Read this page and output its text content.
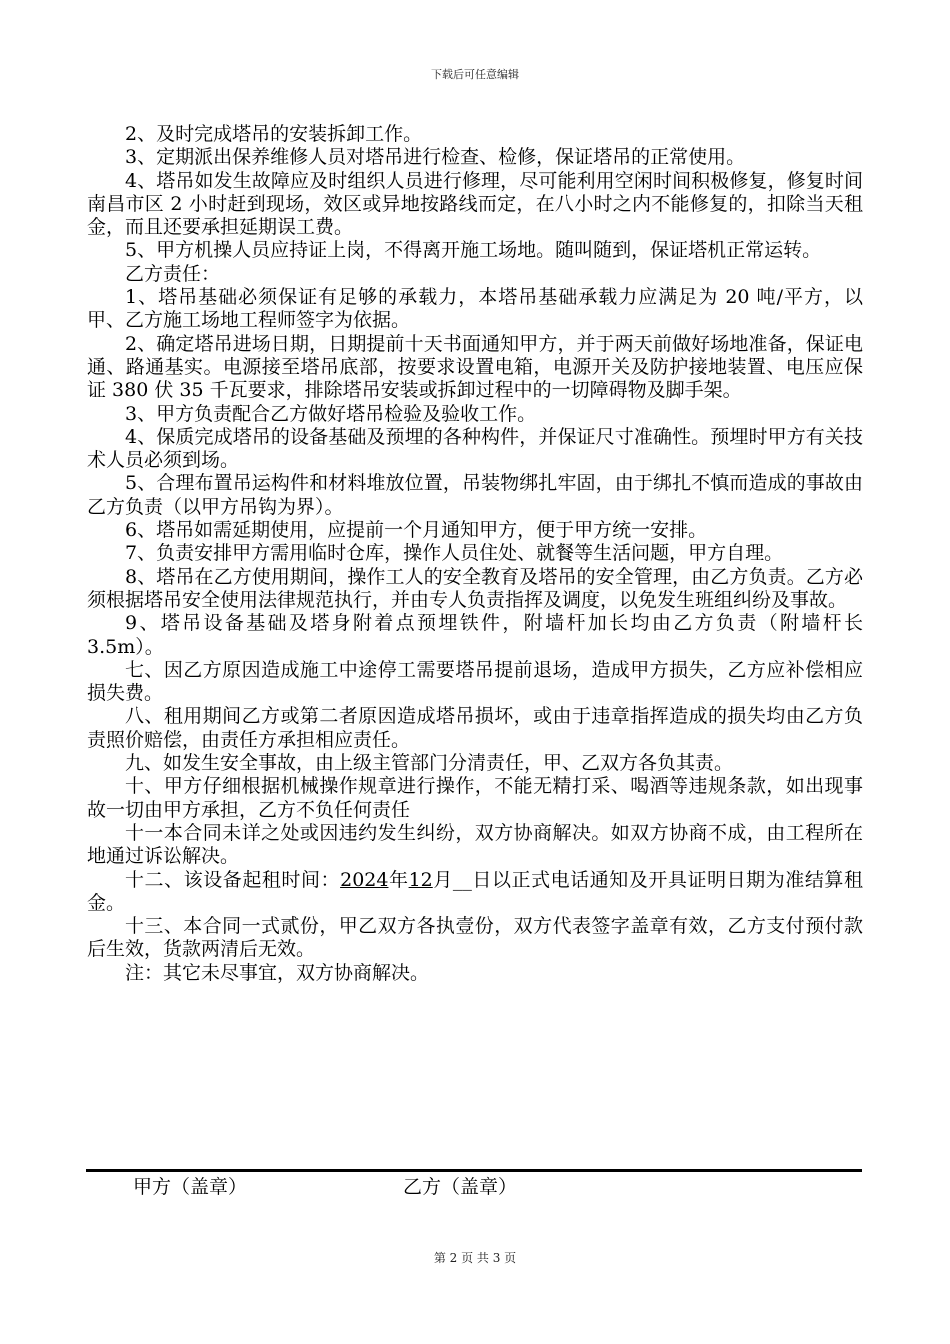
下载后可任意编辑

2、及时完成塔吊的安装拆卸工作。

3、定期派出保养维修人员对塔吊进行检查、检修，保证塔吊的正常使用。

4、塔吊如发生故障应及时组织人员进行修理，尽可能利用空闲时间积极修复，修复时间南昌市区 2 小时赶到现场，效区或异地按路线而定，在八小时之内不能修复的，扣除当天租金，而且还要承担延期误工费。

5、甲方机操人员应持证上岗，不得离开施工场地。随叫随到，保证塔机正常运转。

乙方责任：

1、塔吊基础必须保证有足够的承载力，本塔吊基础承载力应满足为 20 吨/平方，以甲、乙方施工场地工程师签字为依据。

2、确定塔吊进场日期，日期提前十天书面通知甲方，并于两天前做好场地准备，保证电通、路通基实。电源接至塔吊底部，按要求设置电箱，电源开关及防护接地装置、电压应保证 380 伏 35 千瓦要求，排除塔吊安装或拆卸过程中的一切障碍物及脚手架。

3、甲方负责配合乙方做好塔吊检验及验收工作。

4、保质完成塔吊的设备基础及预埋的各种构件，并保证尺寸准确性。预埋时甲方有关技术人员必须到场。

5、合理布置吊运构件和材料堆放位置，吊装物绑扎牢固，由于绑扎不慎而造成的事故由乙方负责（以甲方吊钩为界）。

6、塔吊如需延期使用，应提前一个月通知甲方，便于甲方统一安排。

7、负责安排甲方需用临时仓库，操作人员住处、就餐等生活问题，甲方自理。

8、塔吊在乙方使用期间，操作工人的安全教育及塔吊的安全管理，由乙方负责。乙方必须根据塔吊安全使用法律规范执行，并由专人负责指挥及调度，以免发生班组纠纷及事故。

9、塔吊设备基础及塔身附着点预埋铁件，附墙杆加长均由乙方负责（附墙杆长 3.5m）。

七、因乙方原因造成施工中途停工需要塔吊提前退场，造成甲方损失，乙方应补偿相应损失费。

八、租用期间乙方或第二者原因造成塔吊损坏，或由于违章指挥造成的损失均由乙方负责照价赔偿，由责任方承担相应责任。

九、如发生安全事故，由上级主管部门分清责任，甲、乙双方各负其责。

十、甲方仔细根据机械操作规章进行操作，不能无精打采、喝酒等违规条款，如出现事故一切由甲方承担，乙方不负任何责任

十一本合同未详之处或因违约发生纠纷，双方协商解决。如双方协商不成，由工程所在地通过诉讼解决。

十二、该设备起租时间：2024年12月__日以正式电话通知及开具证明日期为准结算租金。

十三、本合同一式贰份，甲乙双方各执壹份，双方代表签字盖章有效，乙方支付预付款后生效，货款两清后无效。

注：其它未尽事宜，双方协商解决。

甲方（盖章）	乙方（盖章）
第 2 页 共 3 页
